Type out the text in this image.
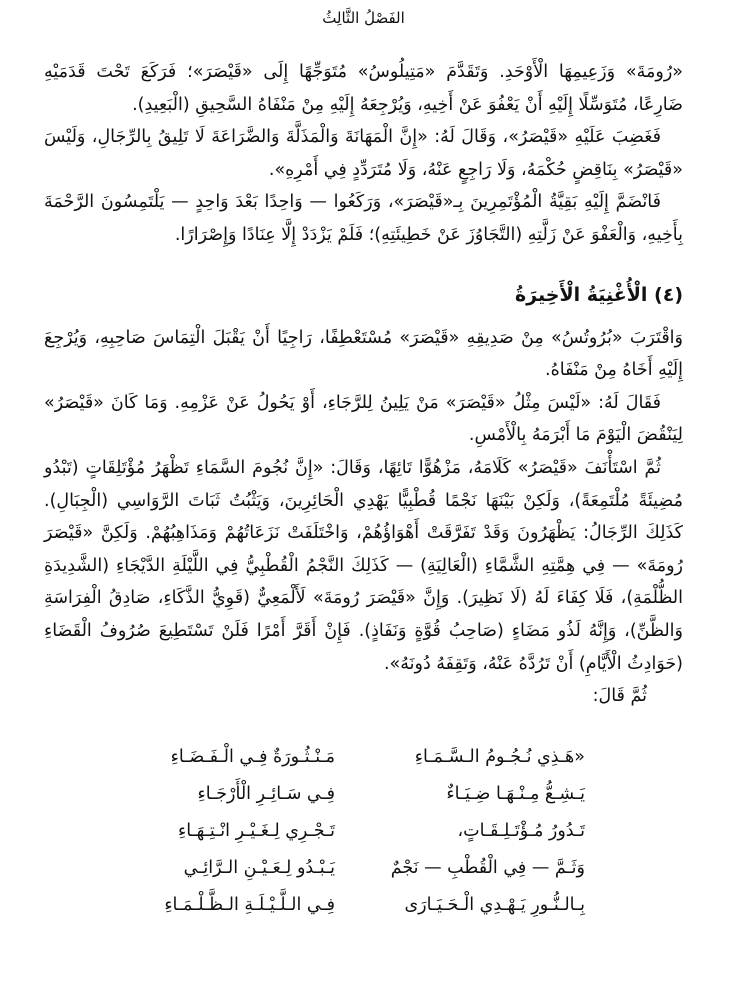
الفَصْلُ الثَّالِثُ

«رُومَةَ» وَزَعِيمِهَا الْأَوْحَدِ. وَتَقَدَّمَ «مَتِيلُوسُ» مُتَوَجِّهًا إِلَى «قَيْصَرَ»؛ فَرَكَعَ تَحْتَ قَدَمَيْهِ ضَارِعًا، مُتَوَسِّلًا إِلَيْهِ أَنْ يَعْفُوَ عَنْ أَخِيهِ، وَيُرْجِعَهُ إِلَيْهِ مِنْ مَنْفَاهُ السَّحِيقِ (الْبَعِيدِ).

فَغَضِبَ عَلَيْهِ «قَيْصَرُ»، وَقَالَ لَهُ: «إِنَّ الْمَهَانَةَ وَالْمَذَلَّةَ وَالضَّرَاعَةَ لَا تَلِيقُ بِالرِّجَالِ، وَلَيْسَ «قَيْصَرُ» بِنَاقِضٍ حُكْمَهُ، وَلَا رَاجِعٍ عَنْهُ، وَلَا مُتَرَدِّدٍ فِي أَمْرِهِ».

فَانْضَمَّ إِلَيْهِ بَقِيَّةُ الْمُؤْتَمِرِينَ بِـ«قَيْصَرَ»، وَرَكَعُوا — وَاحِدًا بَعْدَ وَاحِدٍ — يَلْتَمِسُونَ الرَّحْمَةَ بِأَخِيهِ، وَالْعَفْوَ عَنْ زَلَّتِهِ (التَّجَاوُزَ عَنْ خَطِيئَتِهِ)؛ فَلَمْ يَزْدَدْ إِلَّا عِنَادًا وَإِصْرَارًا.

(٤) الْأُغْنِيَةُ الْأَخِيرَةُ

وَاقْتَرَبَ «بُرُوتُسُ» مِنْ صَدِيقِهِ «قَيْصَرَ» مُسْتَعْطِفًا، رَاجِيًا أَنْ يَقْبَلَ الْتِمَاسَ صَاحِبِهِ، وَيُرْجِعَ إِلَيْهِ أَخَاهُ مِنْ مَنْفَاهُ.

فَقَالَ لَهُ: «لَيْسَ مِثْلُ «قَيْصَرَ» مَنْ يَلِينُ لِلرَّجَاءِ، أَوْ يَحُولُ عَنْ عَزْمِهِ. وَمَا كَانَ «قَيْصَرُ» لِيَنْقُضَ الْيَوْمَ مَا أَبْرَمَهُ بِالْأَمْسِ.

ثُمَّ اسْتَأْنَفَ «قَيْصَرُ» كَلَامَهُ، مَزْهُوًّا تَائِهًا، وَقَالَ: «إِنَّ نُجُومَ السَّمَاءِ تَظْهَرُ مُؤْتَلِقَاتٍ (تَبْدُو مُضِيئَةً مُلْتَمِعَةً)، وَلَكِنْ بَيْنَهَا نَجْمًا قُطْبِيًّا يَهْدِي الْحَائِرِينَ، وَيَثْبُتُ ثَبَاتَ الرَّوَاسِي (الْجِبَالِ). كَذَلِكَ الرِّجَالُ: يَظْهَرُونَ وَقَدْ تَفَرَّقَتْ أَهْوَاؤُهُمْ، وَاخْتَلَفَتْ نَزَعَاتُهُمْ وَمَذَاهِبُهُمْ. وَلَكِنَّ «قَيْصَرَ رُومَةَ» — فِي هِمَّتِهِ الشَّمَّاءِ (الْعَالِيَةِ) — كَذَلِكَ النَّجْمُ الْقُطْبِيُّ فِي اللَّيْلَةِ الدَّيْجَاءِ (الشَّدِيدَةِ الظُّلْمَةِ)، فَلَا كِفَاءَ لَهُ (لَا نَظِيرَ). وَإِنَّ «قَيْصَرَ رُومَةَ» لَأَلْمَعِيٌّ (قَوِيُّ الذَّكَاءِ، صَادِقُ الْفِرَاسَةِ وَالظَّنِّ)، وَإِنَّهُ لَذُو مَضَاءٍ (صَاحِبُ قُوَّةٍ وَنَفَاذٍ). فَإِنْ أَقَرَّ أَمْرًا فَلَنْ تَسْتَطِيعَ صُرُوفُ الْقَضَاءِ (حَوَادِثُ الْأَيَّامِ) أَنْ تَرُدَّهُ عَنْهُ، وَتَقِفَهُ دُونَهُ».

ثُمَّ قَالَ:

«هَـذِي نُـجُـومُ الـسَّـمَـاءِ
مَـنْـثُـورَةٌ فِـي الْـفَـضَـاءِ
يَـشِـعُّ مِـنْـهَـا ضِـيَـاءٌ
فِـي سَـائِـرِ الْأَرْجَـاءِ
تَـدُورُ مُـؤْتَـلِـقَـاتٍ،
تَـجْـرِي لِـغَـيْـرِ انْـتِـهَـاءِ
وَثَـمَّ — فِي الْقُطْبِ — نَجْمٌ
يَـبْـدُو لِـعَـيْـنِ الـرَّائِـي
بِـالـنُّـورِ يَـهْـدِي الْـحَـيَـارَى
فِـي الـلَّـيْـلَـةِ الـظَّـلْـمَـاءِ
